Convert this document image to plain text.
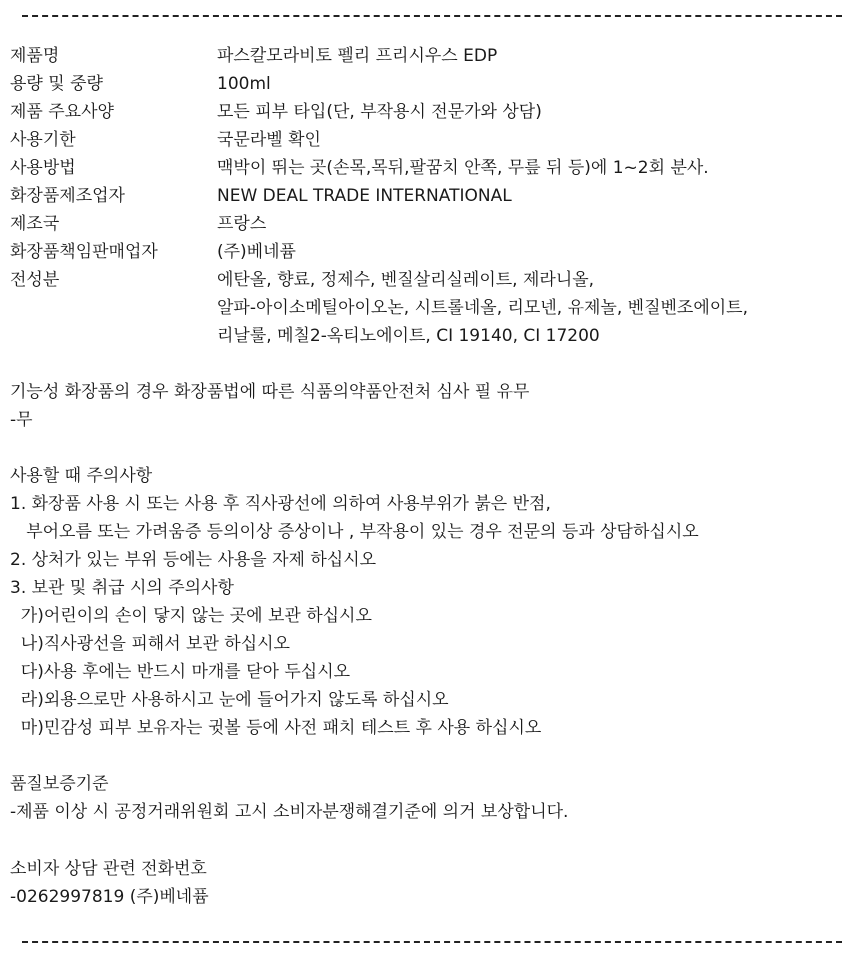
제품명	파스칼모라비토 펠리 프리시우스 EDP
용량 및 중량	100ml
제품 주요사양	모든 피부 타입(단, 부작용시 전문가와 상담)
사용기한	국문라벨 확인
사용방법	맥박이 뛰는 곳(손목,목뒤,팔꿈치 안쪽, 무릎 뒤 등)에 1~2회 분사.
화장품제조업자	NEW DEAL TRADE INTERNATIONAL
제조국	프랑스
화장품책임판매업자	(주)베네퓸
전성분	에탄올, 향료, 정제수, 벤질살리실레이트, 제라니올,
알파-아이소메틸아이오논, 시트롤네올, 리모넨, 유제놀, 벤질벤조에이트,
리날룰, 메칠2-옥티노에이트, CI 19140, CI 17200
기능성 화장품의 경우 화장품법에 따른 식품의약품안전처 심사 필 유무
-무
사용할 때 주의사항
1. 화장품 사용 시 또는 사용 후 직사광선에 의하여 사용부위가 붉은 반점,
부어오름 또는 가려움증 등의이상 증상이나 , 부작용이 있는 경우 전문의 등과 상담하십시오
2. 상처가 있는 부위 등에는 사용을 자제 하십시오
3. 보관 및 취급 시의 주의사항
가)어린이의 손이 닿지 않는 곳에 보관 하십시오
나)직사광선을 피해서 보관 하십시오
다)사용 후에는 반드시 마개를 닫아 두십시오
라)외용으로만 사용하시고 눈에 들어가지 않도록 하십시오
마)민감성 피부 보유자는 귓볼 등에 사전 패치 테스트 후 사용 하십시오
품질보증기준
-제품 이상 시 공정거래위원회 고시 소비자분쟁해결기준에 의거 보상합니다.
소비자 상담 관련 전화번호
-0262997819 (주)베네퓸
